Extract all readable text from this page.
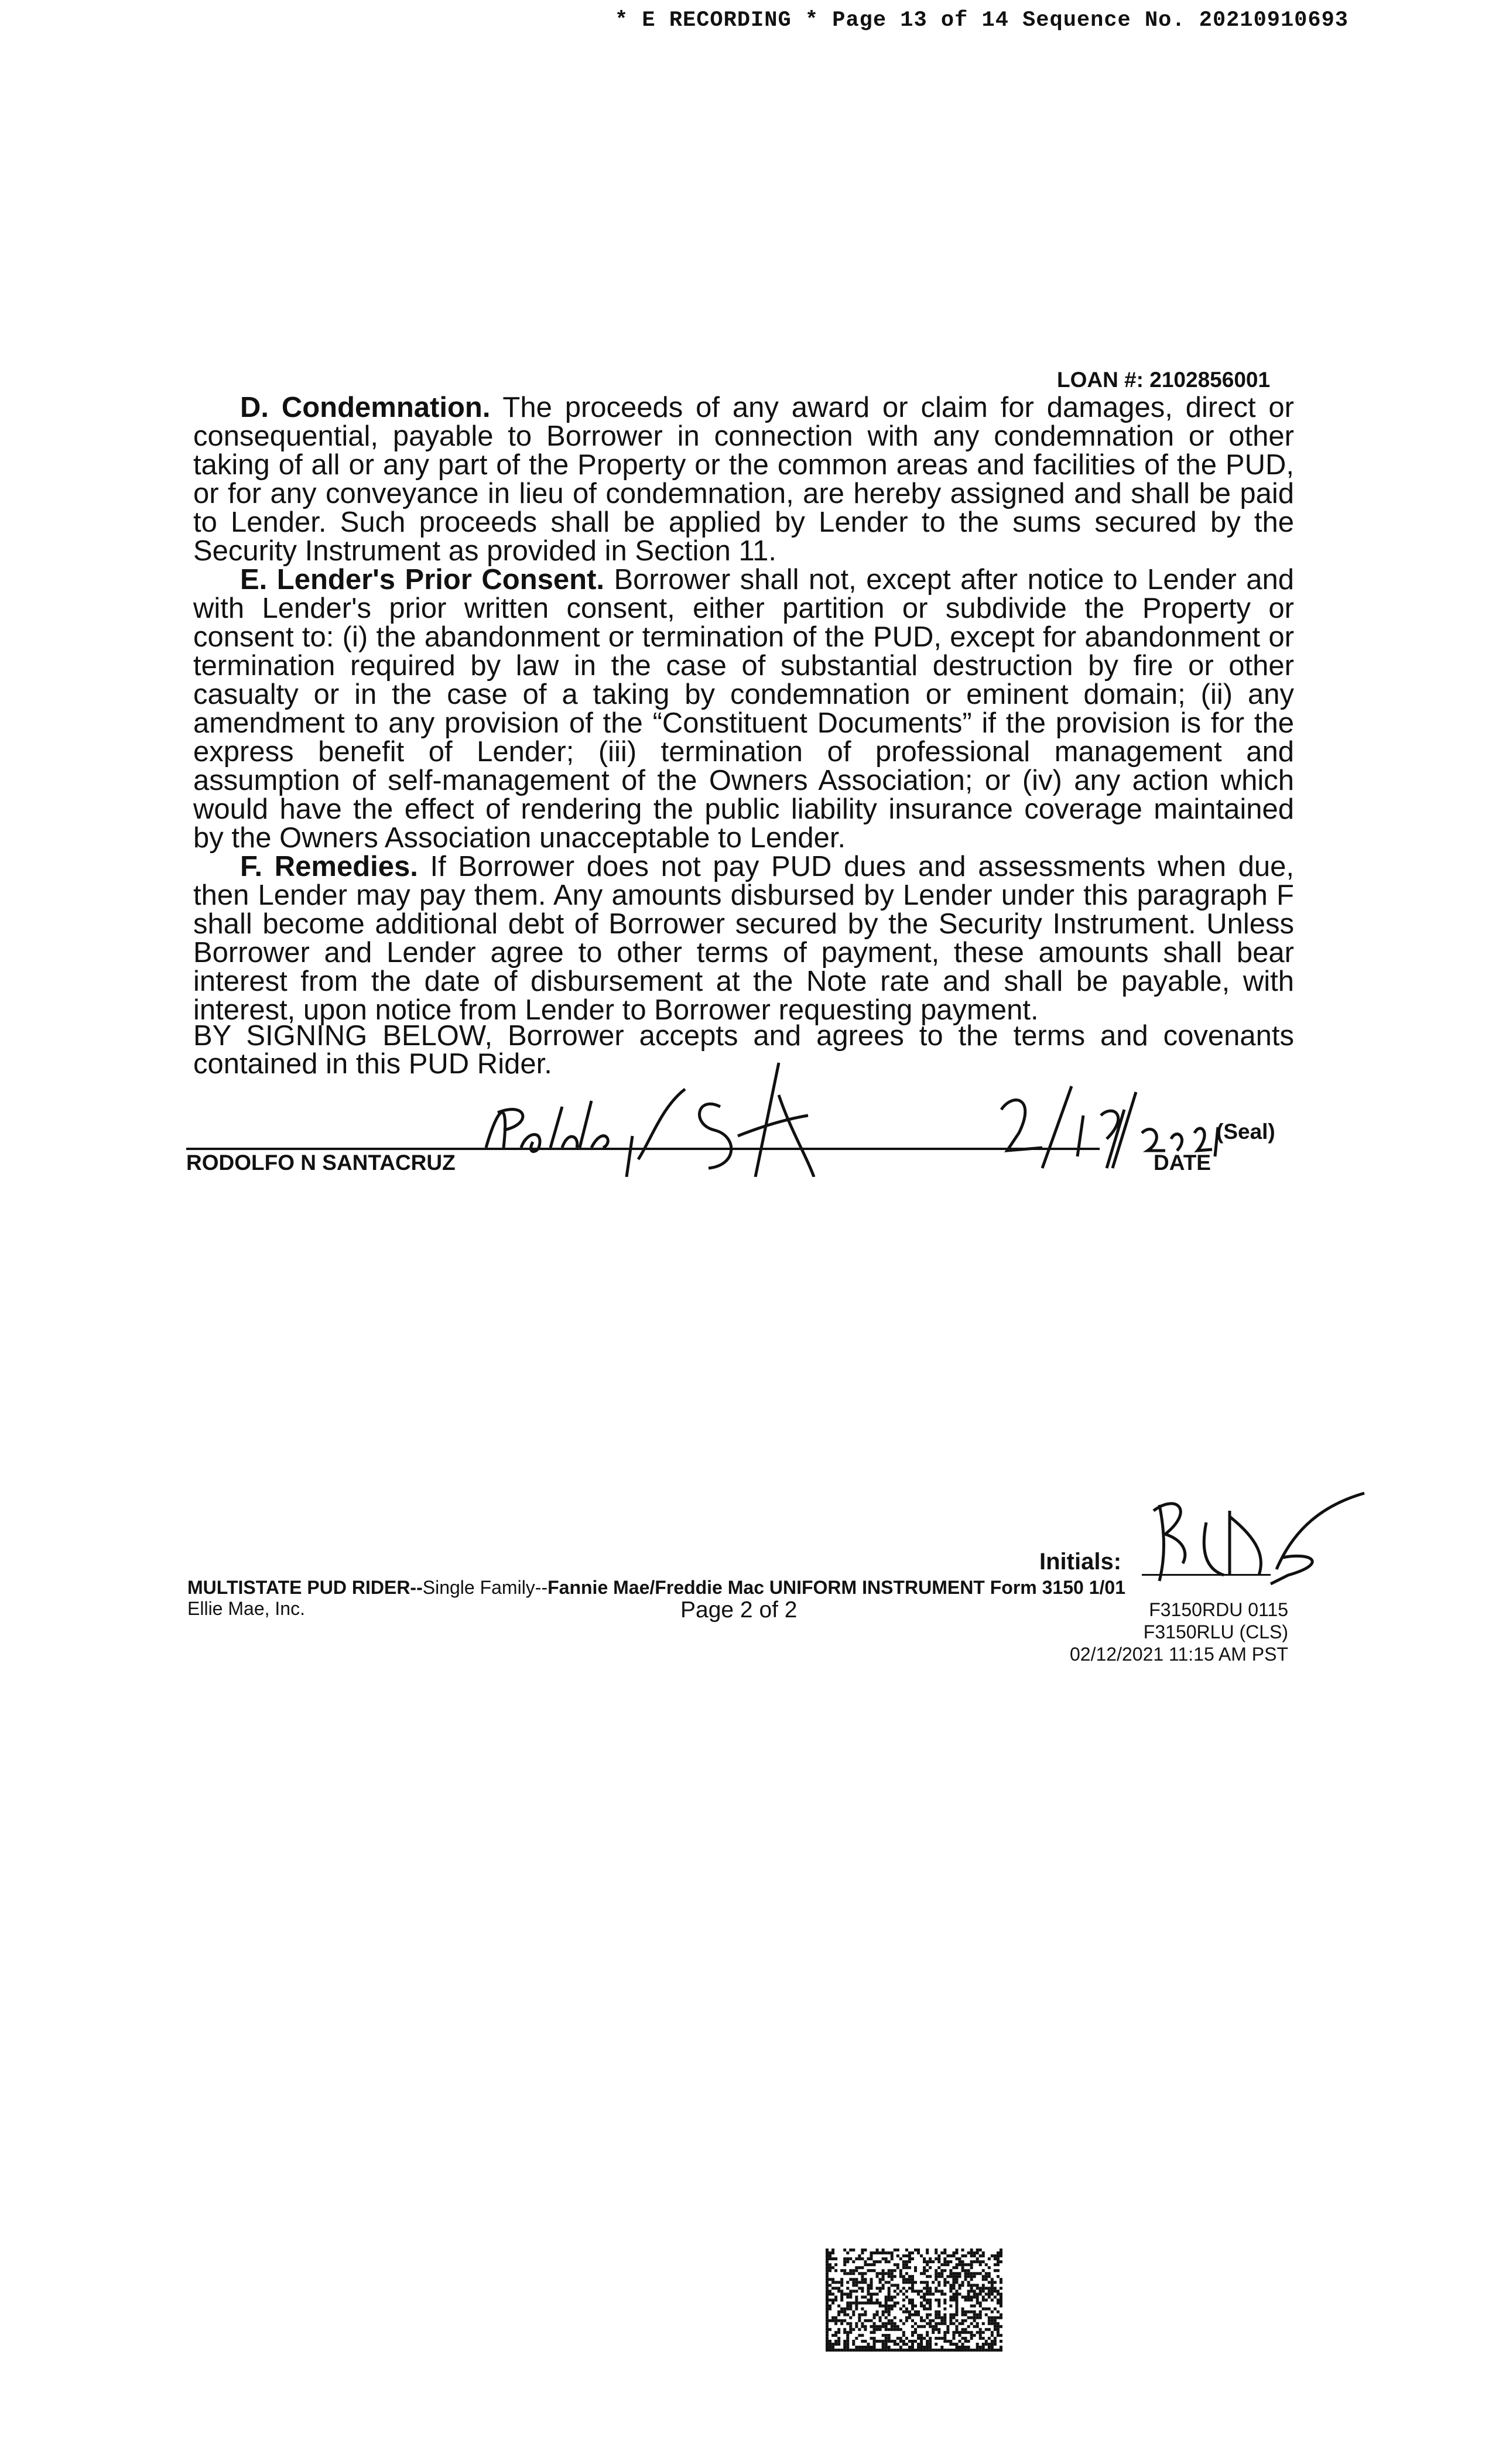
* E RECORDING * Page 13 of 14 Sequence No. 20210910693
LOAN #: 2102856001

D. Condemnation. The proceeds of any award or claim for damages, direct or consequential, payable to Borrower in connection with any condemnation or other taking of all or any part of the Property or the common areas and facilities of the PUD, or for any conveyance in lieu of condemnation, are hereby assigned and shall be paid to Lender. Such proceeds shall be applied by Lender to the sums secured by the Security Instrument as provided in Section 11.

E. Lender's Prior Consent. Borrower shall not, except after notice to Lender and with Lender's prior written consent, either partition or subdivide the Property or consent to: (i) the abandonment or termination of the PUD, except for abandonment or termination required by law in the case of substantial destruction by fire or other casualty or in the case of a taking by condemnation or eminent domain; (ii) any amendment to any provision of the “Constituent Documents” if the provision is for the express benefit of Lender; (iii) termination of professional management and assumption of self-management of the Owners Association; or (iv) any action which would have the effect of rendering the public liability insurance coverage maintained by the Owners Association unacceptable to Lender.

F. Remedies. If Borrower does not pay PUD dues and assessments when due, then Lender may pay them. Any amounts disbursed by Lender under this paragraph F shall become additional debt of Borrower secured by the Security Instrument. Unless Borrower and Lender agree to other terms of payment, these amounts shall bear interest from the date of disbursement at the Note rate and shall be payable, with interest, upon notice from Lender to Borrower requesting payment.

BY SIGNING BELOW, Borrower accepts and agrees to the terms and covenants contained in this PUD Rider.
RODOLFO N SANTACRUZ
(Seal)
DATE
Initials:
MULTISTATE PUD RIDER--Single Family--Fannie Mae/Freddie Mac UNIFORM INSTRUMENT Form 3150 1/01
Ellie Mae, Inc.	Page 2 of 2	F3150RDU 0115
F3150RLU (CLS)
02/12/2021 11:15 AM PST
